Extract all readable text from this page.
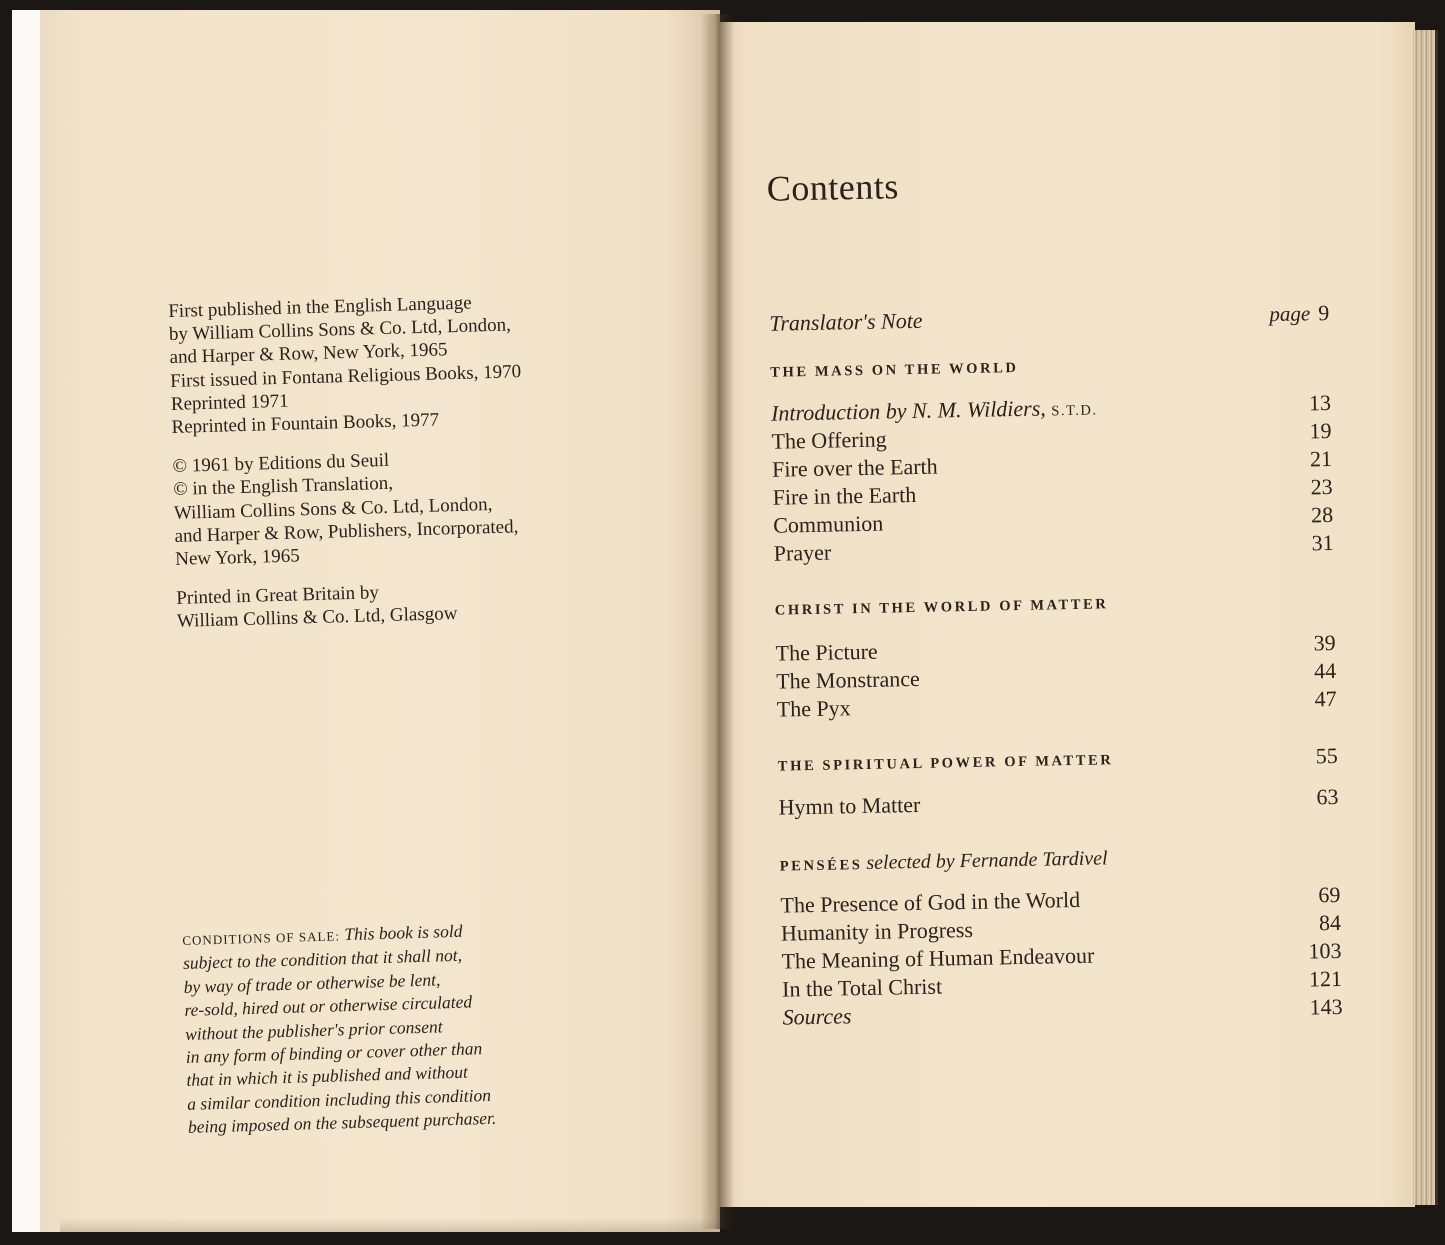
First published in the English Language
by William Collins Sons & Co. Ltd, London,
and Harper & Row, New York, 1965
First issued in Fontana Religious Books, 1970
Reprinted 1971
Reprinted in Fountain Books, 1977
© 1961 by Editions du Seuil
© in the English Translation,
William Collins Sons & Co. Ltd, London,
and Harper & Row, Publishers, Incorporated,
New York, 1965
Printed in Great Britain by
William Collins & Co. Ltd, Glasgow
CONDITIONS OF SALE: This book is sold
subject to the condition that it shall not,
by way of trade or otherwise be lent,
re-sold, hired out or otherwise circulated
without the publisher's prior consent
in any form of binding or cover other than
that in which it is published and without
a similar condition including this condition
being imposed on the subsequent purchaser.
Contents
Translator's Note	page 9
THE MASS ON THE WORLD
Introduction by N. M. Wildiers, S.T.D.	13
The Offering	19
Fire over the Earth	21
Fire in the Earth	23
Communion	28
Prayer	31
CHRIST IN THE WORLD OF MATTER
The Picture	39
The Monstrance	44
The Pyx	47
THE SPIRITUAL POWER OF MATTER	55
Hymn to Matter	63
PENSÉES selected by Fernande Tardivel
The Presence of God in the World	69
Humanity in Progress	84
The Meaning of Human Endeavour	103
In the Total Christ	121
Sources	143
